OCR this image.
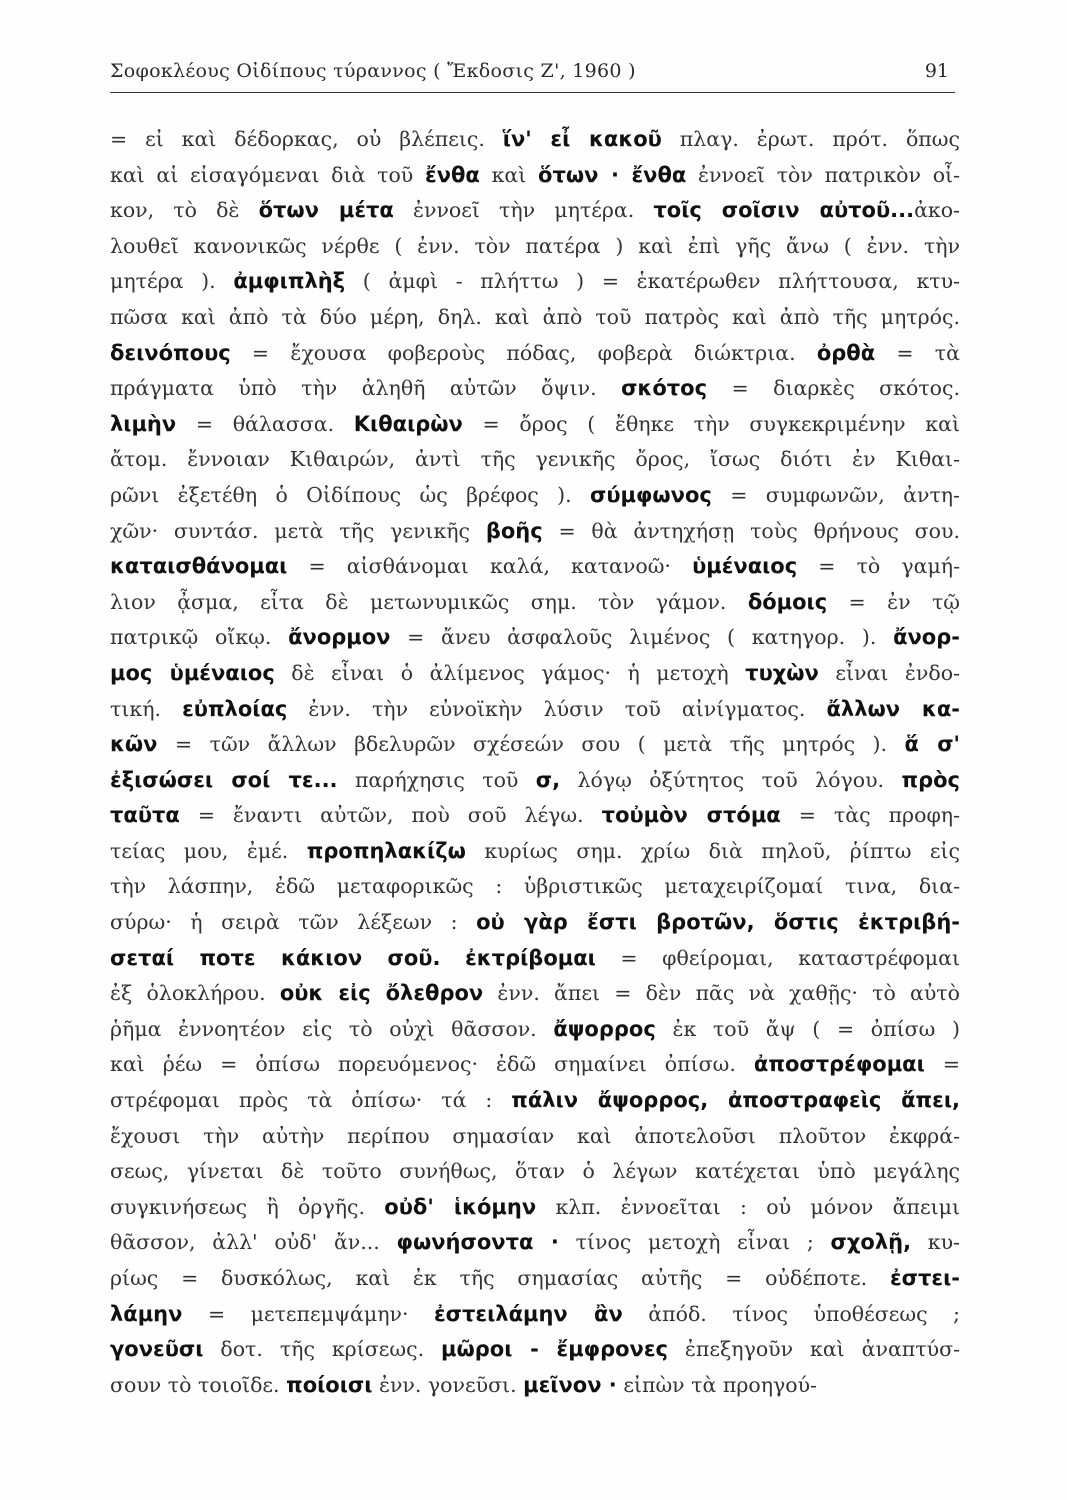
Σοφοκλέους Οἰδίπους τύραννος ( Ἔκδοσις Ζ', 1960 )	91
= εἰ καὶ δέδορκας, οὐ βλέπεις. ἵν' εἶ κακοῦ πλαγ. ἐρωτ. πρότ. ὅπως
καὶ αἱ εἰσαγόμεναι διὰ τοῦ ἔνθα καὶ ὅτων · ἔνθα ἐννοεῖ τὸν πατρικὸν οἶ-
κον, τὸ δὲ ὅτων μέτα ἐννοεῖ τὴν μητέρα. τοῖς σοῖσιν αὐτοῦ...ἀκο-
λουθεῖ κανονικῶς νέρθε ( ἐνν. τὸν πατέρα ) καὶ ἐπὶ γῆς ἄνω ( ἐνν. τὴν
μητέρα ). ἀμφιπλὴξ ( ἀμφὶ - πλήττω ) = ἑκατέρωθεν πλήττουσα, κτυ-
πῶσα καὶ ἀπὸ τὰ δύο μέρη, δηλ. καὶ ἀπὸ τοῦ πατρὸς καὶ ἀπὸ τῆς μητρός.
δεινόπους = ἔχουσα φοβεροὺς πόδας, φοβερὰ διώκτρια. ὀρθὰ = τὰ
πράγματα ὑπὸ τὴν ἀληθῆ αὐτῶν ὄψιν. σκότος = διαρκὲς σκότος.
λιμὴν = θάλασσα. Κιθαιρὼν = ὄρος ( ἔθηκε τὴν συγκεκριμένην καὶ
ἄτομ. ἔννοιαν Κιθαιρών, ἀντὶ τῆς γενικῆς ὄρος, ἴσως διότι ἐν Κιθαι-
ρῶνι ἐξετέθη ὁ Οἰδίπους ὡς βρέφος ). σύμφωνος = συμφωνῶν, ἀντη-
χῶν· συντάσ. μετὰ τῆς γενικῆς βοῆς = θὰ ἀντηχήσῃ τοὺς θρήνους σου.
καταισθάνομαι = αἰσθάνομαι καλά, κατανοῶ· ὑμέναιος = τὸ γαμή-
λιον ᾆσμα, εἶτα δὲ μετωνυμικῶς σημ. τὸν γάμον. δόμοις = ἐν τῷ
πατρικῷ οἴκῳ. ἄνορμον = ἄνευ ἀσφαλοῦς λιμένος ( κατηγορ. ). ἄνορ-
μος ὑμέναιος δὲ εἶναι ὁ ἀλίμενος γάμος· ἡ μετοχὴ τυχὼν εἶναι ἐνδο-
τική. εὐπλοίας ἐνν. τὴν εὐνοϊκὴν λύσιν τοῦ αἰνίγματος. ἄλλων κα-
κῶν = τῶν ἄλλων βδελυρῶν σχέσεών σου ( μετὰ τῆς μητρός ). ἅ σ'
ἐξισώσει σοί τε... παρήχησις τοῦ σ, λόγῳ ὀξύτητος τοῦ λόγου. πρὸς
ταῦτα = ἔναντι αὐτῶν, ποὺ σοῦ λέγω. τοὐμὸν στόμα = τὰς προφη-
τείας μου, ἐμέ. προπηλακίζω κυρίως σημ. χρίω διὰ πηλοῦ, ῥίπτω εἰς
τὴν λάσπην, ἐδῶ μεταφορικῶς : ὑβριστικῶς μεταχειρίζομαί τινα, δια-
σύρω· ἡ σειρὰ τῶν λέξεων : οὐ γὰρ ἔστι βροτῶν, ὅστις ἐκτριβή-
σεταί ποτε κάκιον σοῦ. ἐκτρίβομαι = φθείρομαι, καταστρέφομαι
ἐξ ὁλοκλήρου. οὐκ εἰς ὄλεθρον ἐνν. ἄπει = δὲν πᾶς νὰ χαθῇς· τὸ αὐτὸ
ῥῆμα ἐννοητέον εἰς τὸ οὐχὶ θᾶσσον. ἄψορρος ἐκ τοῦ ἄψ ( = ὀπίσω )
καὶ ῥέω = ὀπίσω πορευόμενος· ἐδῶ σημαίνει ὀπίσω. ἀποστρέφομαι =
στρέφομαι πρὸς τὰ ὀπίσω· τά : πάλιν ἄψορρος, ἀποστραφεὶς ἄπει,
ἔχουσι τὴν αὐτὴν περίπου σημασίαν καὶ ἀποτελοῦσι πλοῦτον ἐκφρά-
σεως, γίνεται δὲ τοῦτο συνήθως, ὅταν ὁ λέγων κατέχεται ὑπὸ μεγάλης
συγκινήσεως ἢ ὀργῆς. οὐδ' ἱκόμην κλπ. ἐννοεῖται : οὐ μόνον ἄπειμι
θᾶσσον, ἀλλ' οὐδ' ἄν... φωνήσοντα · τίνος μετοχὴ εἶναι ; σχολῇ, κυ-
ρίως = δυσκόλως, καὶ ἐκ τῆς σημασίας αὐτῆς = οὐδέποτε. ἐστει-
λάμην = μετεπεμψάμην· ἐστειλάμην ἂν ἀπόδ. τίνος ὑποθέσεως ;
γονεῦσι δοτ. τῆς κρίσεως. μῶροι - ἔμφρονες ἐπεξηγοῦν καὶ ἀναπτύσ-
σουν τὸ τοιοῖδε. ποίοισι ἐνν. γονεῦσι. μεῖνον · εἰπὼν τὰ προηγού-
